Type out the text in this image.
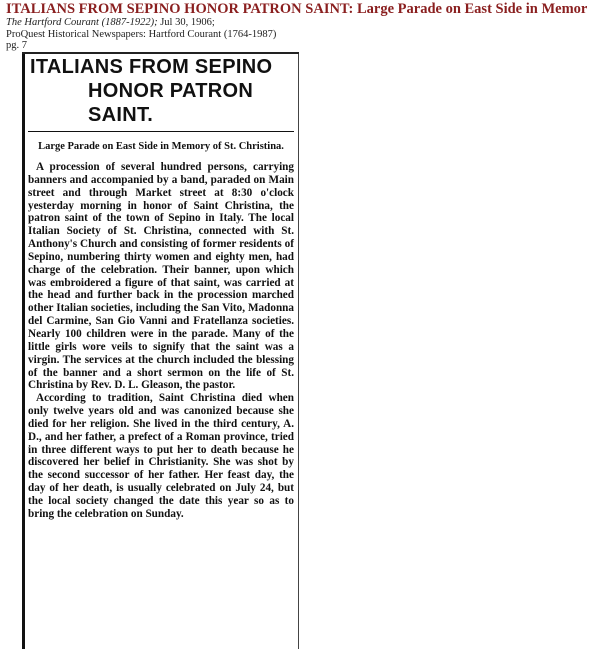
ITALIANS FROM SEPINO HONOR PATRON SAINT: Large Parade on East Side in Memor
The Hartford Courant (1887-1922); Jul 30, 1906;
ProQuest Historical Newspapers: Hartford Courant (1764-1987)
pg. 7
ITALIANS FROM SEPINO
HONOR PATRON SAINT.
Large Parade on East Side in Memory of St. Christina.

A procession of several hundred persons, carrying banners and accompanied by a band, paraded on Main street and through Market street at 8:30 o'clock yesterday morning in honor of Saint Christina, the patron saint of the town of Sepino in Italy. The local Italian Society of St. Christina, connected with St. Anthony's Church and consisting of former residents of Sepino, numbering thirty women and eighty men, had charge of the celebration. Their banner, upon which was embroidered a figure of that saint, was carried at the head and further back in the procession marched other Italian societies, including the San Vito, Madonna del Carmine, San Gio Vanni and Fratellanza societies. Nearly 100 children were in the parade. Many of the little girls wore veils to signify that the saint was a virgin. The services at the church included the blessing of the banner and a short sermon on the life of St. Christina by Rev. D. L. Gleason, the pastor.

According to tradition, Saint Christina died when only twelve years old and was canonized because she died for her religion. She lived in the third century, A. D., and her father, a prefect of a Roman province, tried in three different ways to put her to death because he discovered her belief in Christianity. She was shot by the second successor of her father. Her feast day, the day of her death, is usually celebrated on July 24, but the local society changed the date this year so as to bring the celebration on Sunday.
